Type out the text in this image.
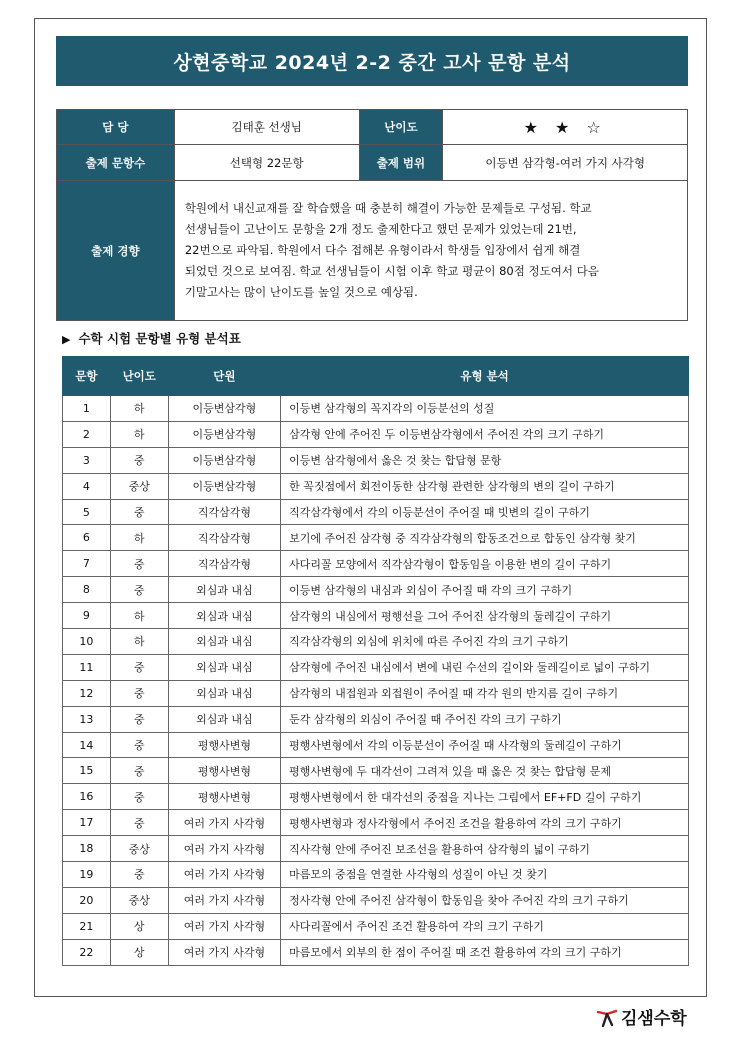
상현중학교 2024년 2-2 중간 고사 문항 분석
담 당	김태훈 선생님	난이도	★ ★ ☆
출제 문항수	선택형 22문항	출제 범위	이등변 삼각형-여러 가지 사각형
출제 경향	학원에서 내신교재를 잘 학습했을 때 충분히 해결이 가능한 문제들로 구성됨. 학교
선생님들이 고난이도 문항을 2개 정도 출제한다고 했던 문제가 있었는데 21번,
22번으로 파악됨. 학원에서 다수 접해본 유형이라서 학생들 입장에서 쉽게 해결
되었던 것으로 보여짐. 학교 선생님들이 시험 이후 학교 평균이 80점 정도여서 다음
기말고사는 많이 난이도를 높일 것으로 예상됨.		
▶ 수학 시험 문항별 유형 분석표
문항	난이도	단원	유형 분석
1	하	이등변삼각형	이등변 삼각형의 꼭지각의 이등분선의 성질
2	하	이등변삼각형	삼각형 안에 주어진 두 이등변삼각형에서 주어진 각의 크기 구하기
3	중	이등변삼각형	이등변 삼각형에서 옳은 것 찾는 합답형 문항
4	중상	이등변삼각형	한 꼭짓점에서 회전이동한 삼각형 관련한 삼각형의 변의 길이 구하기
5	중	직각삼각형	직각삼각형에서 각의 이등분선이 주어질 때 빗변의 길이 구하기
6	하	직각삼각형	보기에 주어진 삼각형 중 직각삼각형의 합동조건으로 합동인 삼각형 찾기
7	중	직각삼각형	사다리꼴 모양에서 직각삼각형이 합동임을 이용한 변의 길이 구하기
8	중	외심과 내심	이등변 삼각형의 내심과 외심이 주어질 때 각의 크기 구하기
9	하	외심과 내심	삼각형의 내심에서 평행선을 그어 주어진 삼각형의 둘레길이 구하기
10	하	외심과 내심	직각삼각형의 외심에 위치에 따른 주어진 각의 크기 구하기
11	중	외심과 내심	삼각형에 주어진 내심에서 변에 내린 수선의 길이와 둘레길이로 넓이 구하기
12	중	외심과 내심	삼각형의 내접원과 외접원이 주어질 때 각각 원의 반지름 길이 구하기
13	중	외심과 내심	둔각 삼각형의 외심이 주어질 때 주어진 각의 크기 구하기
14	중	평행사변형	평행사변형에서 각의 이등분선이 주어질 때 사각형의 둘레길이 구하기
15	중	평행사변형	평행사변형에 두 대각선이 그려져 있을 때 옳은 것 찾는 합답형 문제
16	중	평행사변형	평행사변형에서 한 대각선의 중점을 지나는 그림에서 EF+FD 길이 구하기
17	중	여러 가지 사각형	평행사변형과 정사각형에서 주어진 조건을 활용하여 각의 크기 구하기
18	중상	여러 가지 사각형	직사각형 안에 주어진 보조선을 활용하여 삼각형의 넓이 구하기
19	중	여러 가지 사각형	마름모의 중점을 연결한 사각형의 성질이 아닌 것 찾기
20	중상	여러 가지 사각형	정사각형 안에 주어진 삼각형이 합동임을 찾아 주어진 각의 크기 구하기
21	상	여러 가지 사각형	사다리꼴에서 주어진 조건 활용하여 각의 크기 구하기
22	상	여러 가지 사각형	마름모에서 외부의 한 점이 주어질 때 조건 활용하여 각의 크기 구하기
김샘수학
